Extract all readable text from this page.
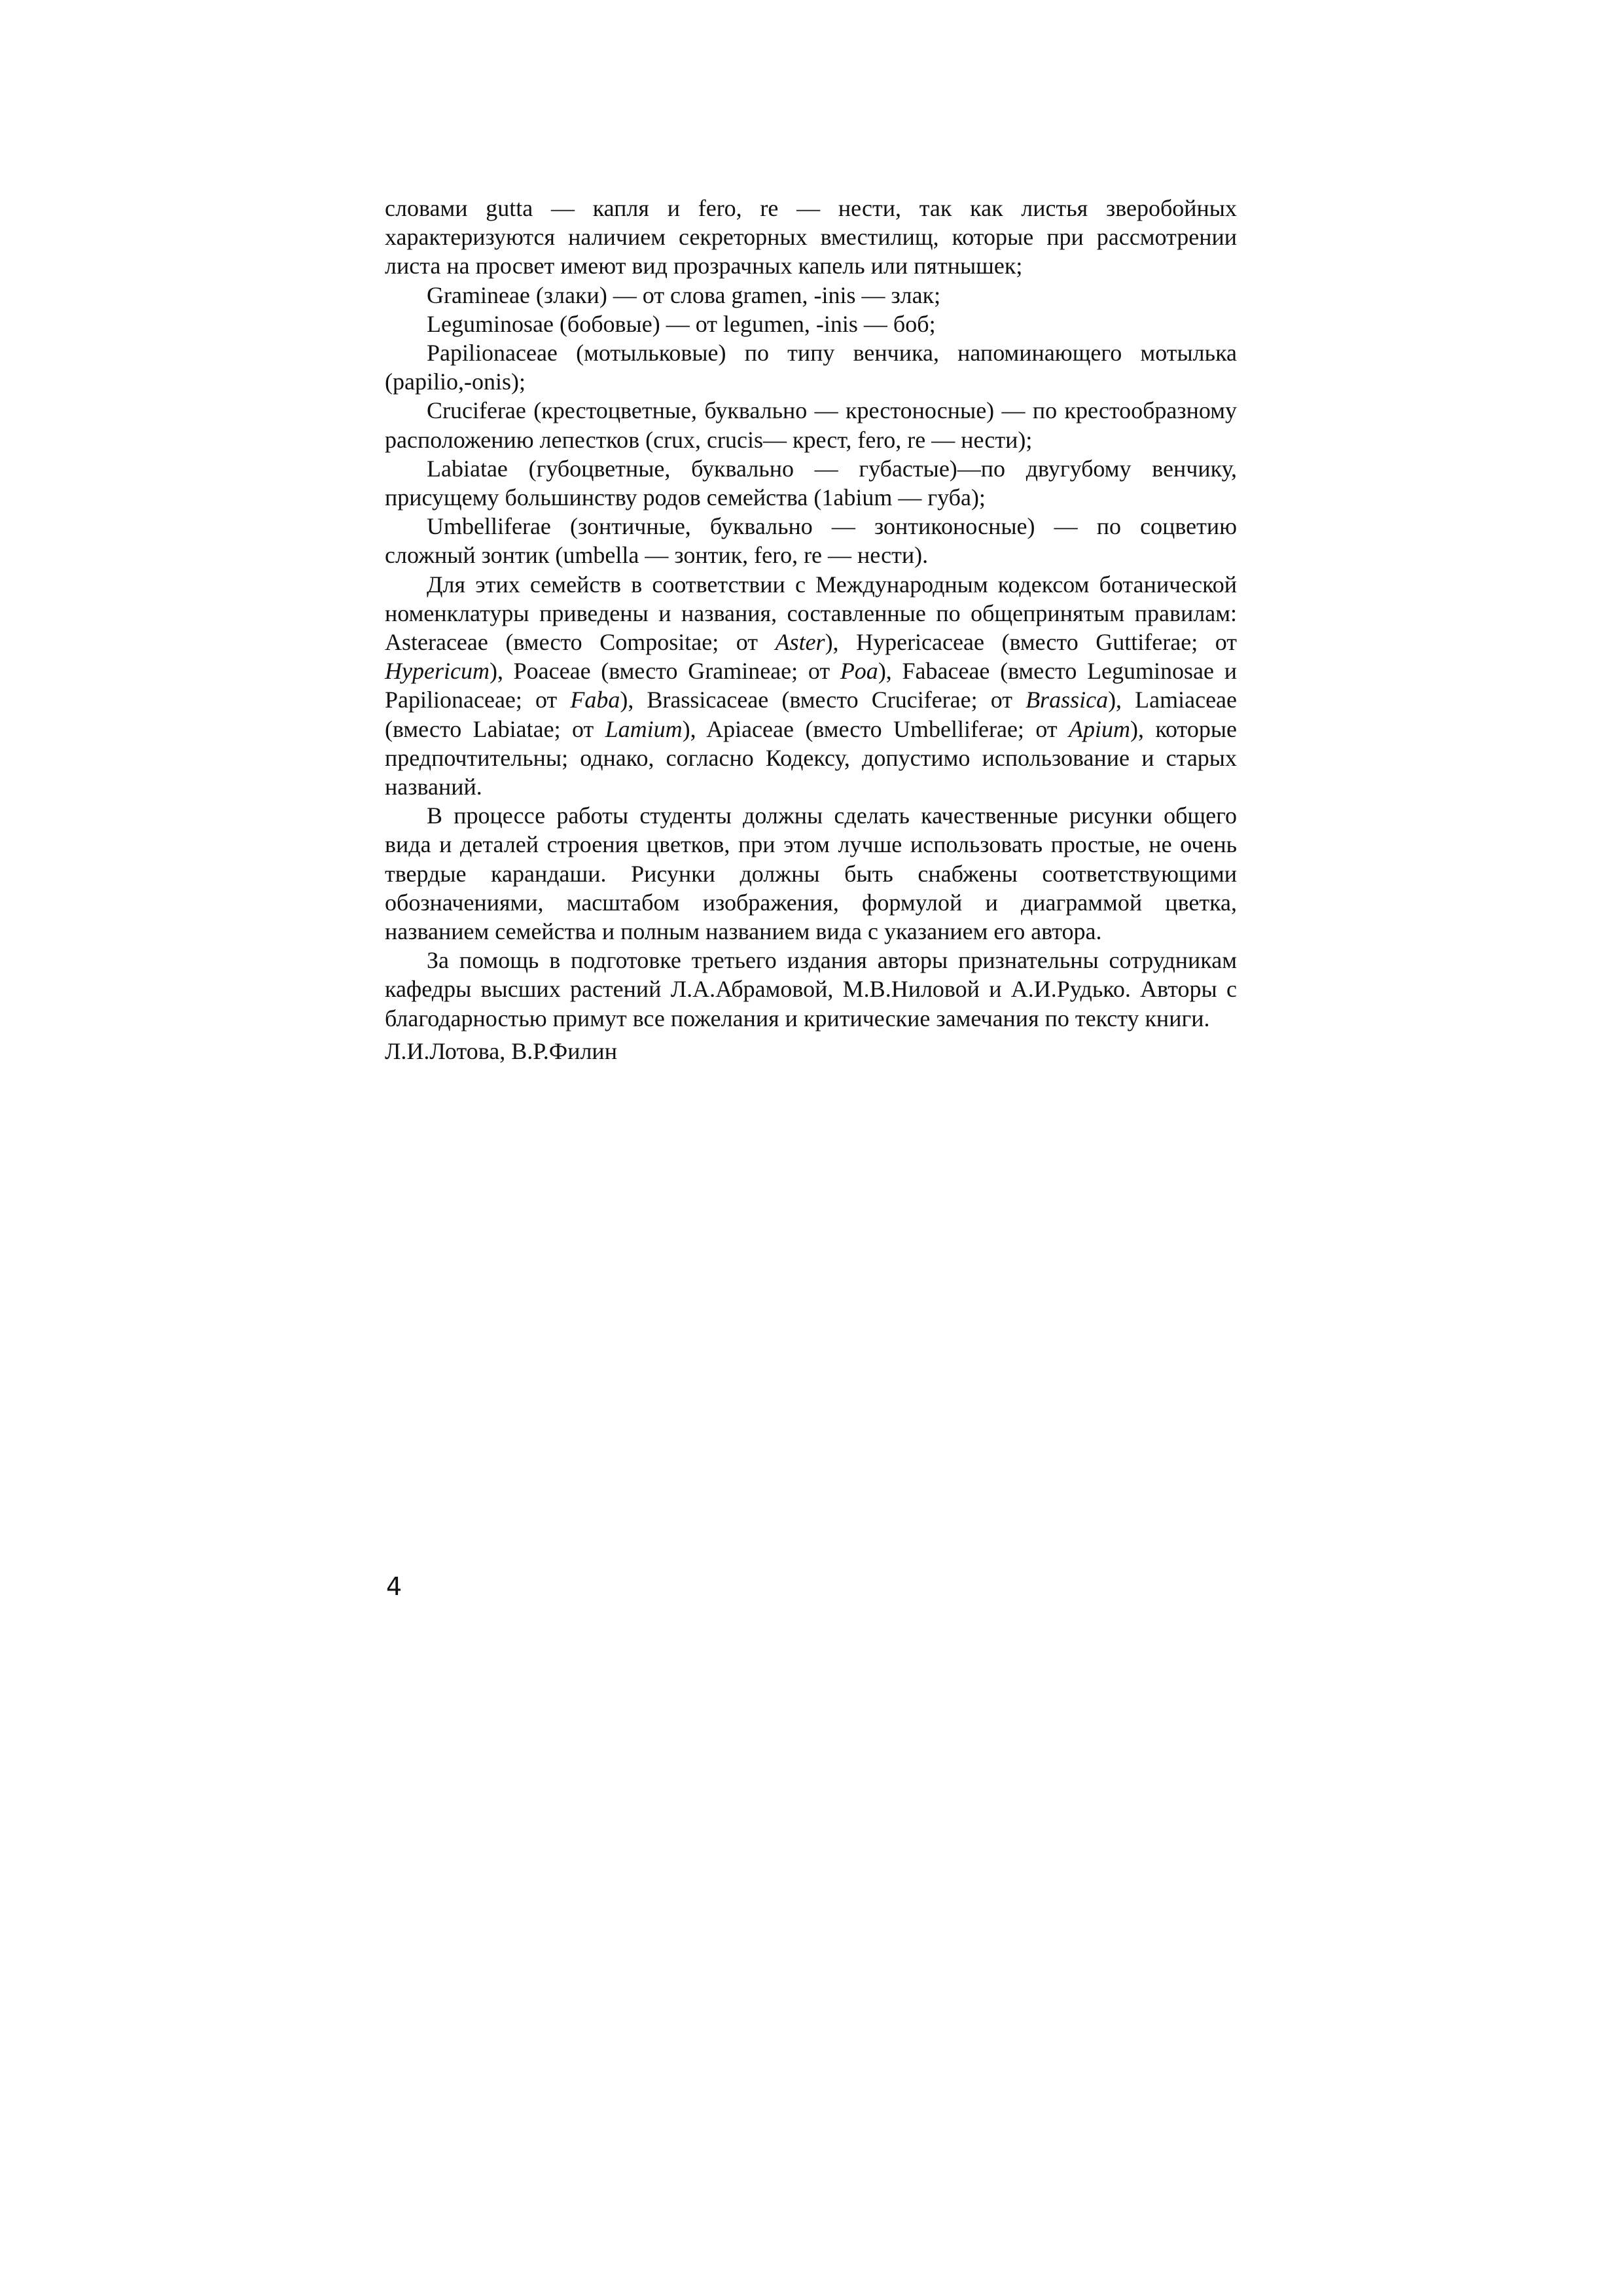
словами gutta — капля и fero, re — нести, так как листья зверобойных характеризуются наличием секреторных вместилищ, которые при рассмотрении листа на просвет имеют вид прозрачных капель или пятнышек;

Gramineae (злаки) — от слова gramen, -inis — злак;

Leguminosae (бобовые) — от legumen, -inis — боб;

Papilionaceae (мотыльковые) по типу венчика, напоминающего мотылька (papilio,-onis);

Cruciferae (крестоцветные, буквально — крестоносные) — по крестообразному расположению лепестков (crux, crucis— крест, fero, re — нести);

Labiatae (губоцветные, буквально — губастые)—по двугубому венчику, присущему большинству родов семейства (1abium — губа);

Umbelliferae (зонтичные, буквально — зонтиконосные) — по соцветию сложный зонтик (umbella — зонтик, fero, re — нести).

Для этих семейств в соответствии с Международным кодексом ботанической номенклатуры приведены и названия, составленные по общепринятым правилам: Asteraceae (вместо Compositae; от Aster), Hypericaceae (вместо Guttiferae; от Hypericum), Poaceae (вместо Gramineae; от Poa), Fabaceae (вместо Leguminosae и Papilionaceae; от Faba), Brassicaceae (вместо Cruciferae; от Brassica), Lamiaceae (вместо Labiatae; от Lamium), Apiaceae (вместо Umbelliferae; от Apium), которые предпочтительны; однако, согласно Кодексу, допустимо использование и старых названий.

В процессе работы студенты должны сделать качественные рисунки общего вида и деталей строения цветков, при этом лучше использовать простые, не очень твердые карандаши. Рисунки должны быть снабжены соответствующими обозначениями, масштабом изображения, формулой и диаграммой цветка, названием семейства и полным названием вида с указанием его автора.

За помощь в подготовке третьего издания авторы признательны сотрудникам кафедры высших растений Л.А.Абрамовой, М.В.Ниловой и А.И.Рудько. Авторы с благодарностью примут все пожелания и критические замечания по тексту книги.

Л.И.Лотова, В.Р.Филин

4
